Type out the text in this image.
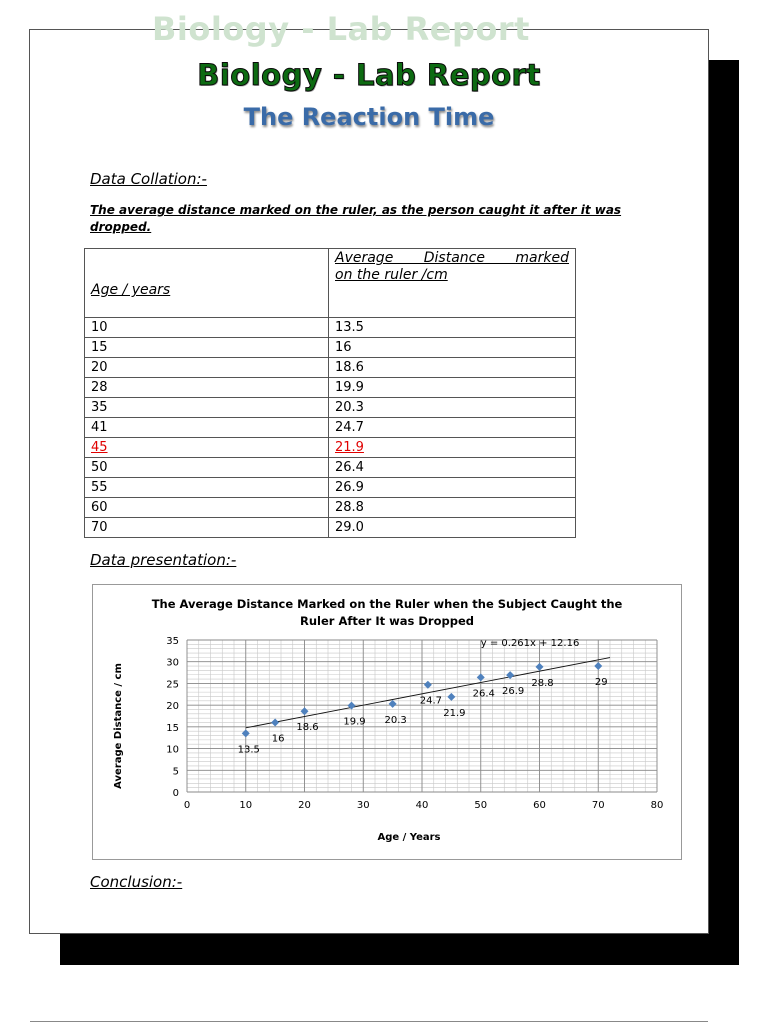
Biology - Lab Report
The Reaction Time
Data Collation:-
The average distance marked on the ruler, as the person caught it after it was dropped.
Age / years	Average Distance marked
on the ruler /cm

10	13.5
15	16
20	18.6
28	19.9
35	20.3
41	24.7
45	21.9
50	26.4
55	26.9
60	28.8
70	29.0
Data presentation:-
The Average Distance Marked on the Ruler when the Subject Caught the
Ruler After It was Dropped
0	10	20	30	40	50	60	70	80
0
5
10
15
20
25
30
35	y = 0.261x + 12.16
13.5
16
18.6
19.9 20.3
24.7
21.9
26.4 26.9
28.8	29
Age / Years
Average Distance / cm
Conclusion:-
Biology - Lab Report
